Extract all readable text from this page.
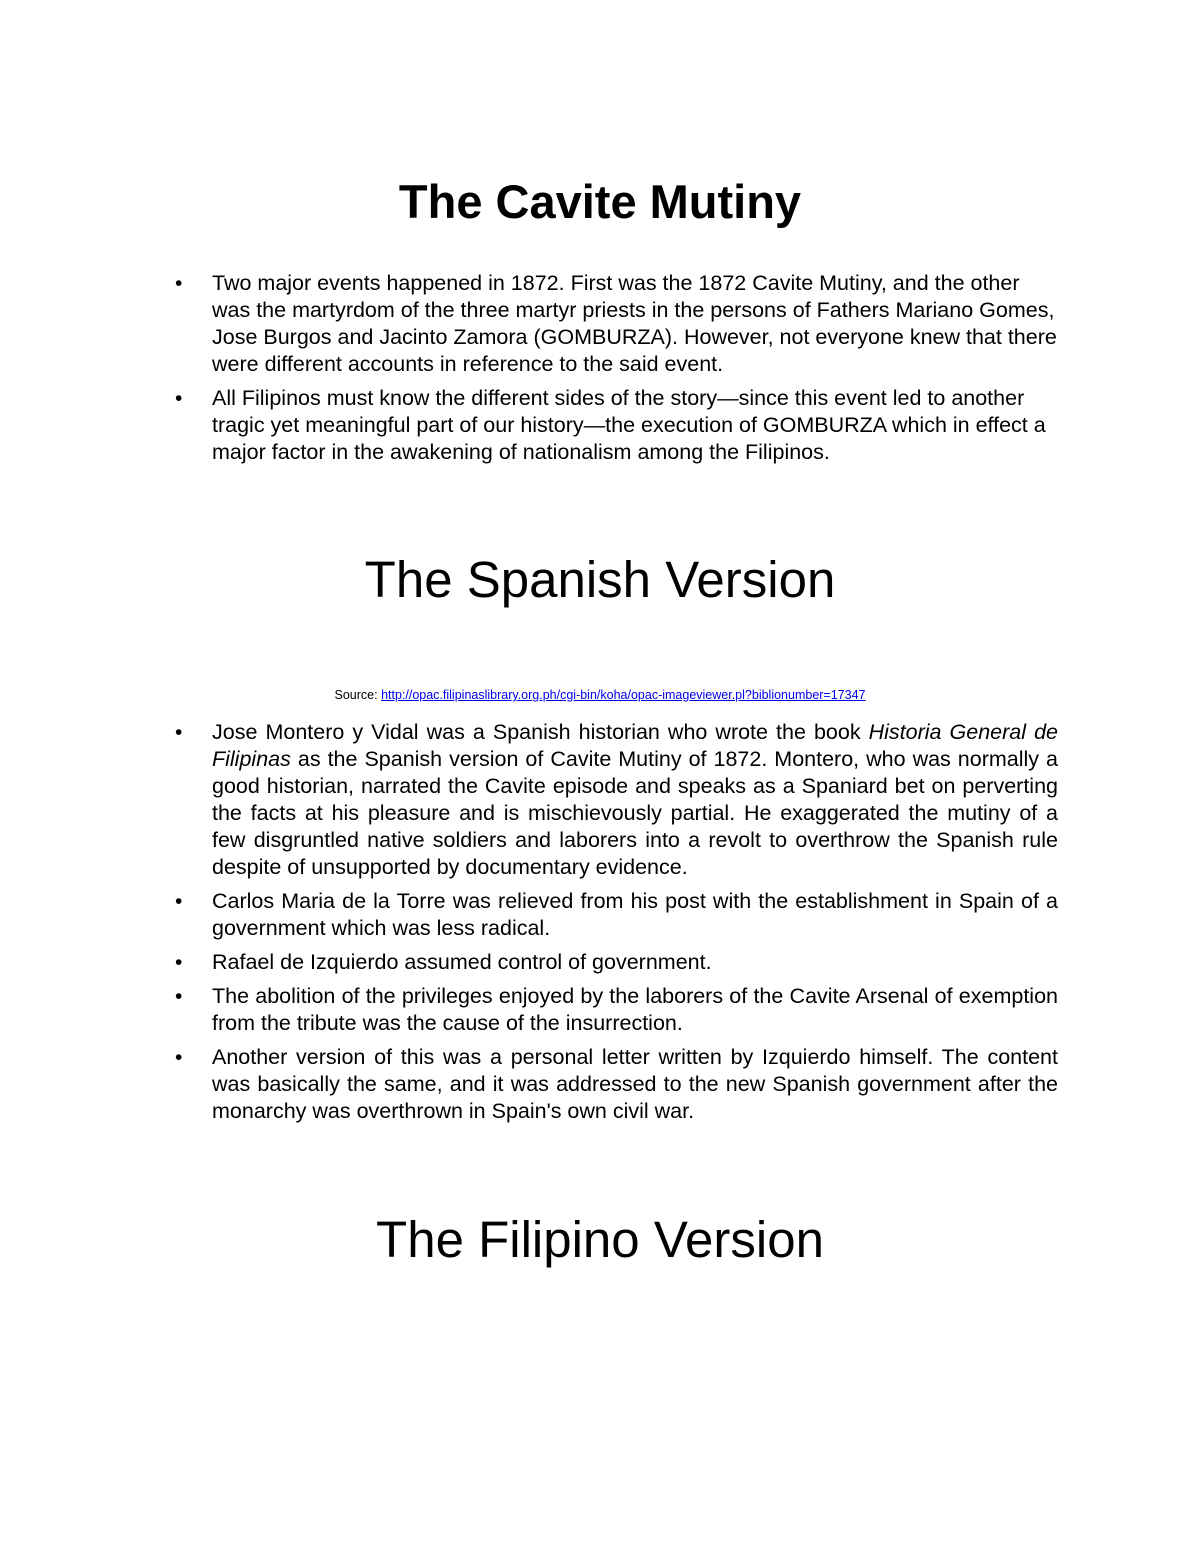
The Cavite Mutiny
• Two major events happened in 1872. First was the 1872 Cavite Mutiny, and the other was the martyrdom of the three martyr priests in the persons of Fathers Mariano Gomes, Jose Burgos and Jacinto Zamora (GOMBURZA). However, not everyone knew that there were different accounts in reference to the said event.
• All Filipinos must know the different sides of the story—since this event led to another tragic yet meaningful part of our history—the execution of GOMBURZA which in effect a major factor in the awakening of nationalism among the Filipinos.
The Spanish Version
Source: http://opac.filipinaslibrary.org.ph/cgi-bin/koha/opac-imageviewer.pl?biblionumber=17347
• Jose Montero y Vidal was a Spanish historian who wrote the book Historia General de Filipinas as the Spanish version of Cavite Mutiny of 1872. Montero, who was normally a good historian, narrated the Cavite episode and speaks as a Spaniard bet on perverting the facts at his pleasure and is mischievously partial. He exaggerated the mutiny of a few disgruntled native soldiers and laborers into a revolt to overthrow the Spanish rule despite of unsupported by documentary evidence.
• Carlos Maria de la Torre was relieved from his post with the establishment in Spain of a government which was less radical.
• Rafael de Izquierdo assumed control of government.
• The abolition of the privileges enjoyed by the laborers of the Cavite Arsenal of exemption from the tribute was the cause of the insurrection.
• Another version of this was a personal letter written by Izquierdo himself. The content was basically the same, and it was addressed to the new Spanish government after the monarchy was overthrown in Spain's own civil war.
The Filipino Version
